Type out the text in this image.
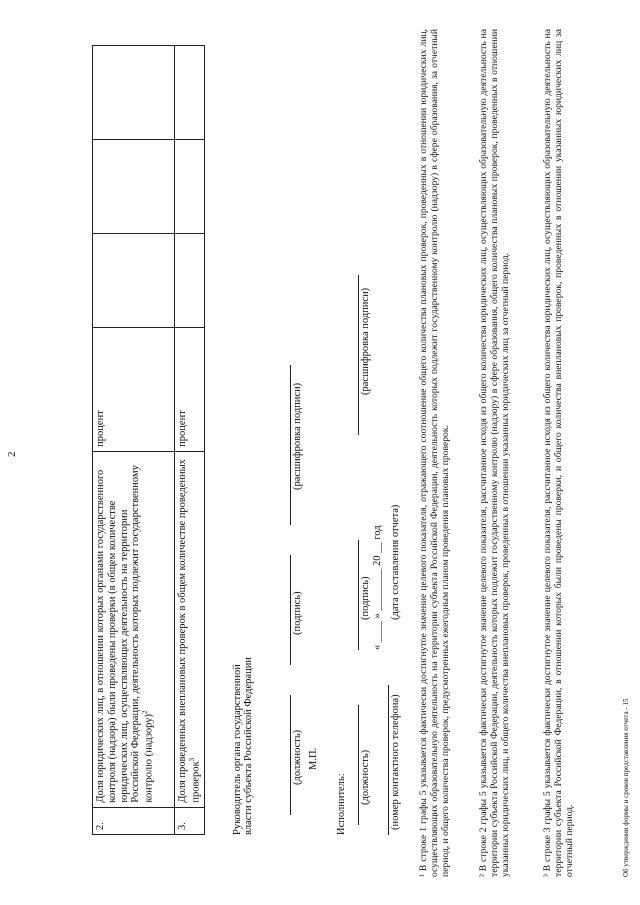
2
2.	Доля юридических лиц, в отношении которых органами государственного контроля (надзора) были проведены проверки (в общем количестве юридических лиц, осуществляющих деятельность на территории Российской Федерации, деятельность которых подлежит государственному контролю (надзору)$^2$	процент			
3.	Доля проведенных внеплановых проверок в общем количестве проведенных проверок$^3$	процент			
Руководитель органа государственной власти субъекта Российской Федерации	(должность)
(подпись)
(расшифровка подписи)
М.П.
Исполнитель: (должность)
(подпись)
(расшифровка подписи)
(номер контактного телефона)
« ____ » ________ 20 __ год (дата составления отчета) ¹ В строке 1 графы 5 указывается фактически достигнутое значение целевого показателя, отражающего соотношение общего количества плановых проверок, проведенных в отношении юридических лиц, осуществляющих образовательную деятельность на территории субъекта Российской Федерации, деятельность которых подлежит государственному контролю (надзору) в сфере образования, за отчетный период, и общего количества проверок, предусмотренных ежегодным планом проведения плановых проверок.	² В строке 2 графы 5 указывается фактически достигнутое значение целевого показателя, рассчитанное исходя из общего количества юридических лиц, осуществляющих образовательную деятельность на территории субъекта Российской Федерации, деятельность которых подлежит государственному контролю (надзору) в сфере образования, общего количества плановых проверок, проведенных в отношении указанных юридических лиц, и общего количества внеплановых проверок, проведенных в отношении указанных юридических лиц за отчетный период.	³ В строке 3 графы 5 указывается фактически достигнутое значение целевого показателя, рассчитанное исходя из общего количества юридических лиц, осуществляющих образовательную деятельность на территории субъекта Российской Федерации, в отношении которых были проведены проверки, и общего количества внеплановых проверок, проведенных в отношении указанных юридических лиц за отчетный период.	Об утверждении формы и сроков представления отчета - 15
